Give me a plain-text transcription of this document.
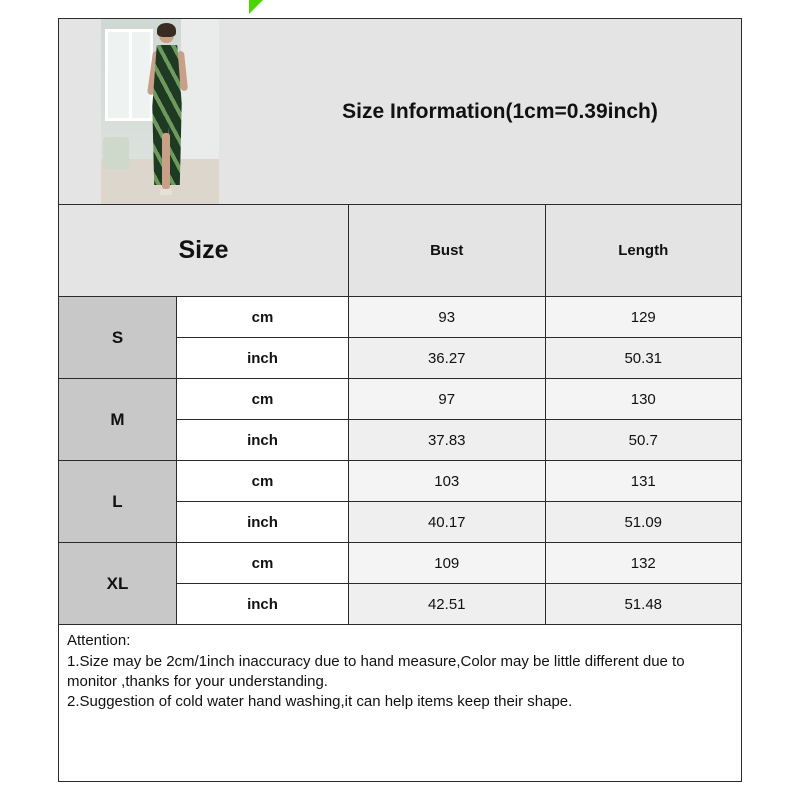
Size Information(1cm=0.39inch)
Size	Bust	Length
S
cm	93	129
inch	36.27	50.31
M
cm	97	130
inch	37.83	50.7
L
cm	103	131
inch	40.17	51.09
XL
cm	109	132
inch	42.51	51.48

Attention:

1.Size may be 2cm/1inch inaccuracy due to hand measure,Color may be little different due to monitor ,thanks for your understanding.

2.Suggestion of cold water hand washing,it can help items keep their shape.
